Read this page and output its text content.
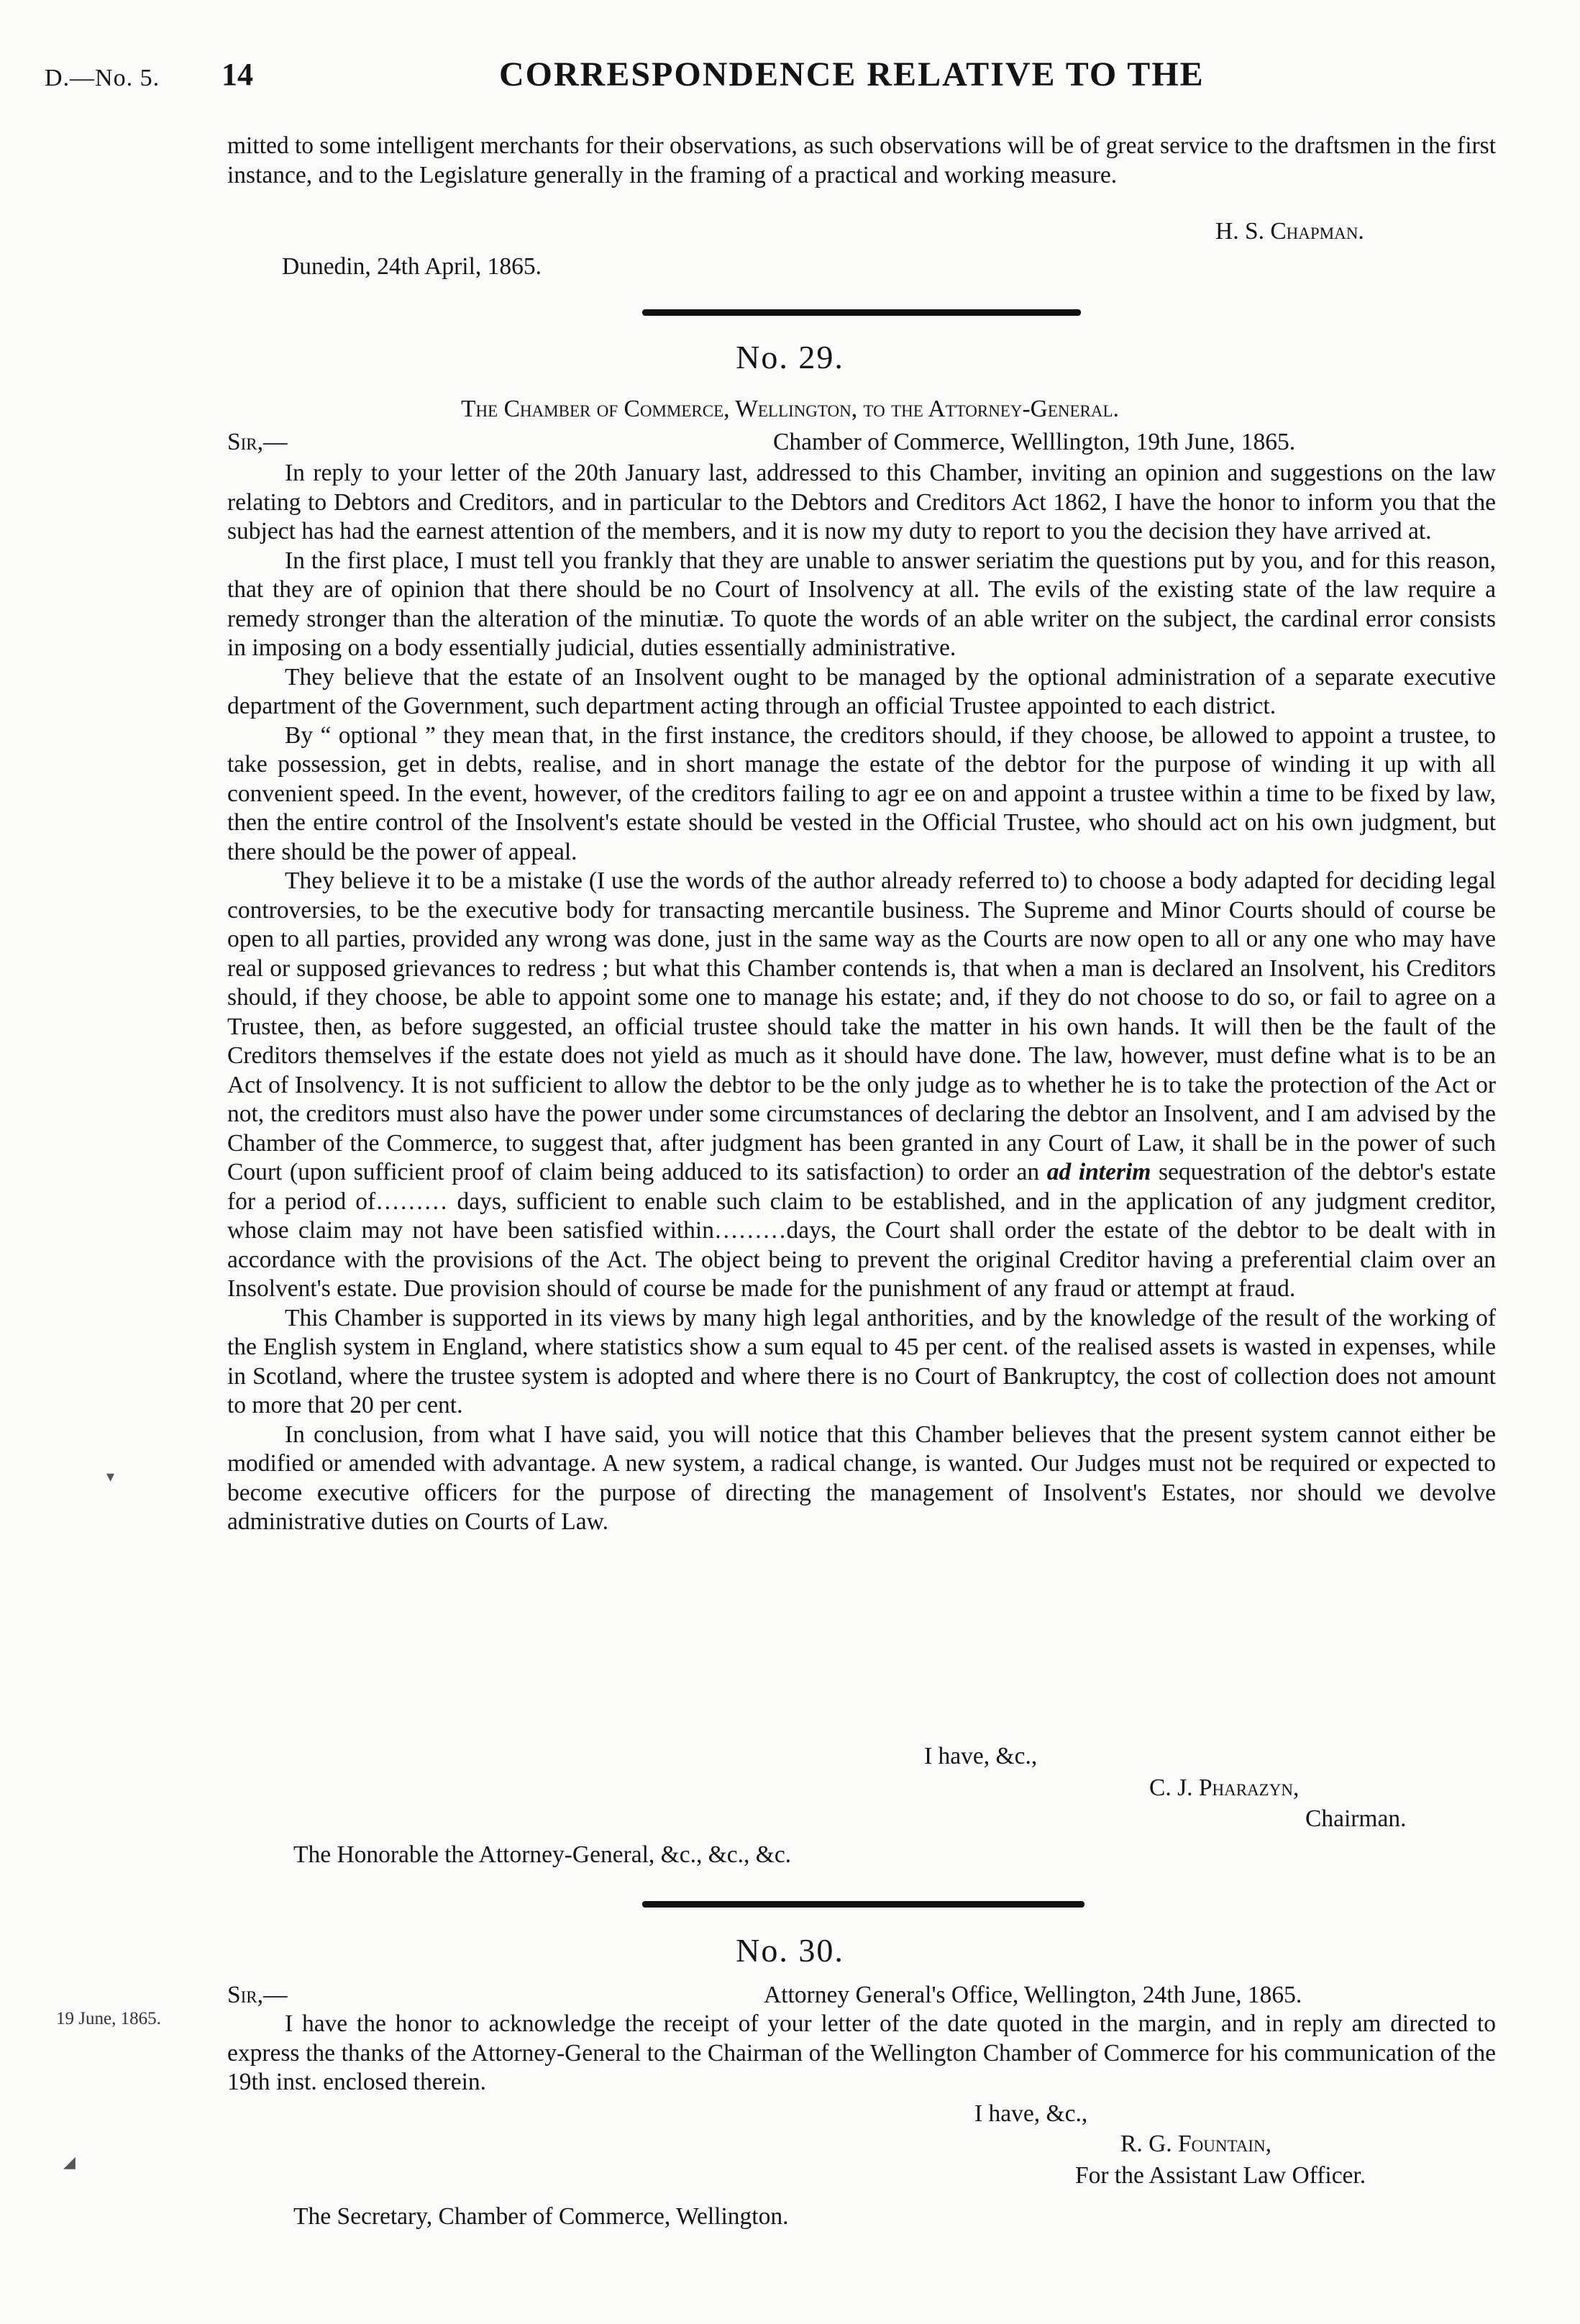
D.—No. 5. 14	CORRESPONDENCE RELATIVE TO THE

mitted to some intelligent merchants for their observations, as such observations will be of great service to the draftsmen in the first instance, and to the Legislature generally in the framing of a practical and working measure.

H. S. Chapman.
Dunedin, 24th April, 1865.
No. 29.
The Chamber of Commerce, Wellington, to the Attorney-General.
Sir,—	Chamber of Commerce, Welllington, 19th June, 1865.

In reply to your letter of the 20th January last, addressed to this Chamber, inviting an opinion and suggestions on the law relating to Debtors and Creditors, and in particular to the Debtors and Creditors Act 1862, I have the honor to inform you that the subject has had the earnest attention of the members, and it is now my duty to report to you the decision they have arrived at.

In the first place, I must tell you frankly that they are unable to answer seriatim the questions put by you, and for this reason, that they are of opinion that there should be no Court of Insolvency at all. The evils of the existing state of the law require a remedy stronger than the alteration of the minutiæ. To quote the words of an able writer on the subject, the cardinal error consists in imposing on a body essentially judicial, duties essentially administrative.

They believe that the estate of an Insolvent ought to be managed by the optional administration of a separate executive department of the Government, such department acting through an official Trustee appointed to each district.

By “ optional ” they mean that, in the first instance, the creditors should, if they choose, be allowed to appoint a trustee, to take possession, get in debts, realise, and in short manage the estate of the debtor for the purpose of winding it up with all convenient speed. In the event, however, of the creditors failing to agr ee on and appoint a trustee within a time to be fixed by law, then the entire control of the Insolvent's estate should be vested in the Official Trustee, who should act on his own judgment, but there should be the power of appeal.

They believe it to be a mistake (I use the words of the author already referred to) to choose a body adapted for deciding legal controversies, to be the executive body for transacting mercantile business. The Supreme and Minor Courts should of course be open to all parties, provided any wrong was done, just in the same way as the Courts are now open to all or any one who may have real or supposed grievances to redress ; but what this Chamber contends is, that when a man is declared an Insolvent, his Creditors should, if they choose, be able to appoint some one to manage his estate; and, if they do not choose to do so, or fail to agree on a Trustee, then, as before suggested, an official trustee should take the matter in his own hands. It will then be the fault of the Creditors themselves if the estate does not yield as much as it should have done. The law, however, must define what is to be an Act of Insolvency. It is not sufficient to allow the debtor to be the only judge as to whether he is to take the protection of the Act or not, the creditors must also have the power under some circumstances of declaring the debtor an Insolvent, and I am advised by the Chamber of the Commerce, to suggest that, after judgment has been granted in any Court of Law, it shall be in the power of such Court (upon sufficient proof of claim being adduced to its satisfaction) to order an ad interim sequestration of the debtor's estate for a period of……… days, sufficient to enable such claim to be established, and in the application of any judgment creditor, whose claim may not have been satisfied within………days, the Court shall order the estate of the debtor to be dealt with in accordance with the provisions of the Act. The object being to prevent the original Creditor having a preferential claim over an Insolvent's estate. Due provision should of course be made for the punishment of any fraud or attempt at fraud.

This Chamber is supported in its views by many high legal anthorities, and by the knowledge of the result of the working of the English system in England, where statistics show a sum equal to 45 per cent. of the realised assets is wasted in expenses, while in Scotland, where the trustee system is adopted and where there is no Court of Bankruptcy, the cost of collection does not amount to more that 20 per cent.

In conclusion, from what I have said, you will notice that this Chamber believes that the present system cannot either be modified or amended with advantage. A new system, a radical change, is wanted. Our Judges must not be required or expected to become executive officers for the purpose of directing the management of Insolvent's Estates, nor should we devolve administrative duties on Courts of Law.

I have, &c.,
C. J. Pharazyn,
Chairman.
The Honorable the Attorney-General, &c., &c., &c.
No. 30.
Sir,—	Attorney General's Office, Wellington, 24th June, 1865.
19 June, 1865.	I have the honor to acknowledge the receipt of your letter of the date quoted in the margin, and in reply am directed to express the thanks of the Attorney-General to the Chairman of the Wellington Chamber of Commerce for his communication of the 19th inst. enclosed therein.

I have, &c.,
R. G. Fountain,
For the Assistant Law Officer.
The Secretary, Chamber of Commerce, Wellington.
▾
◢
